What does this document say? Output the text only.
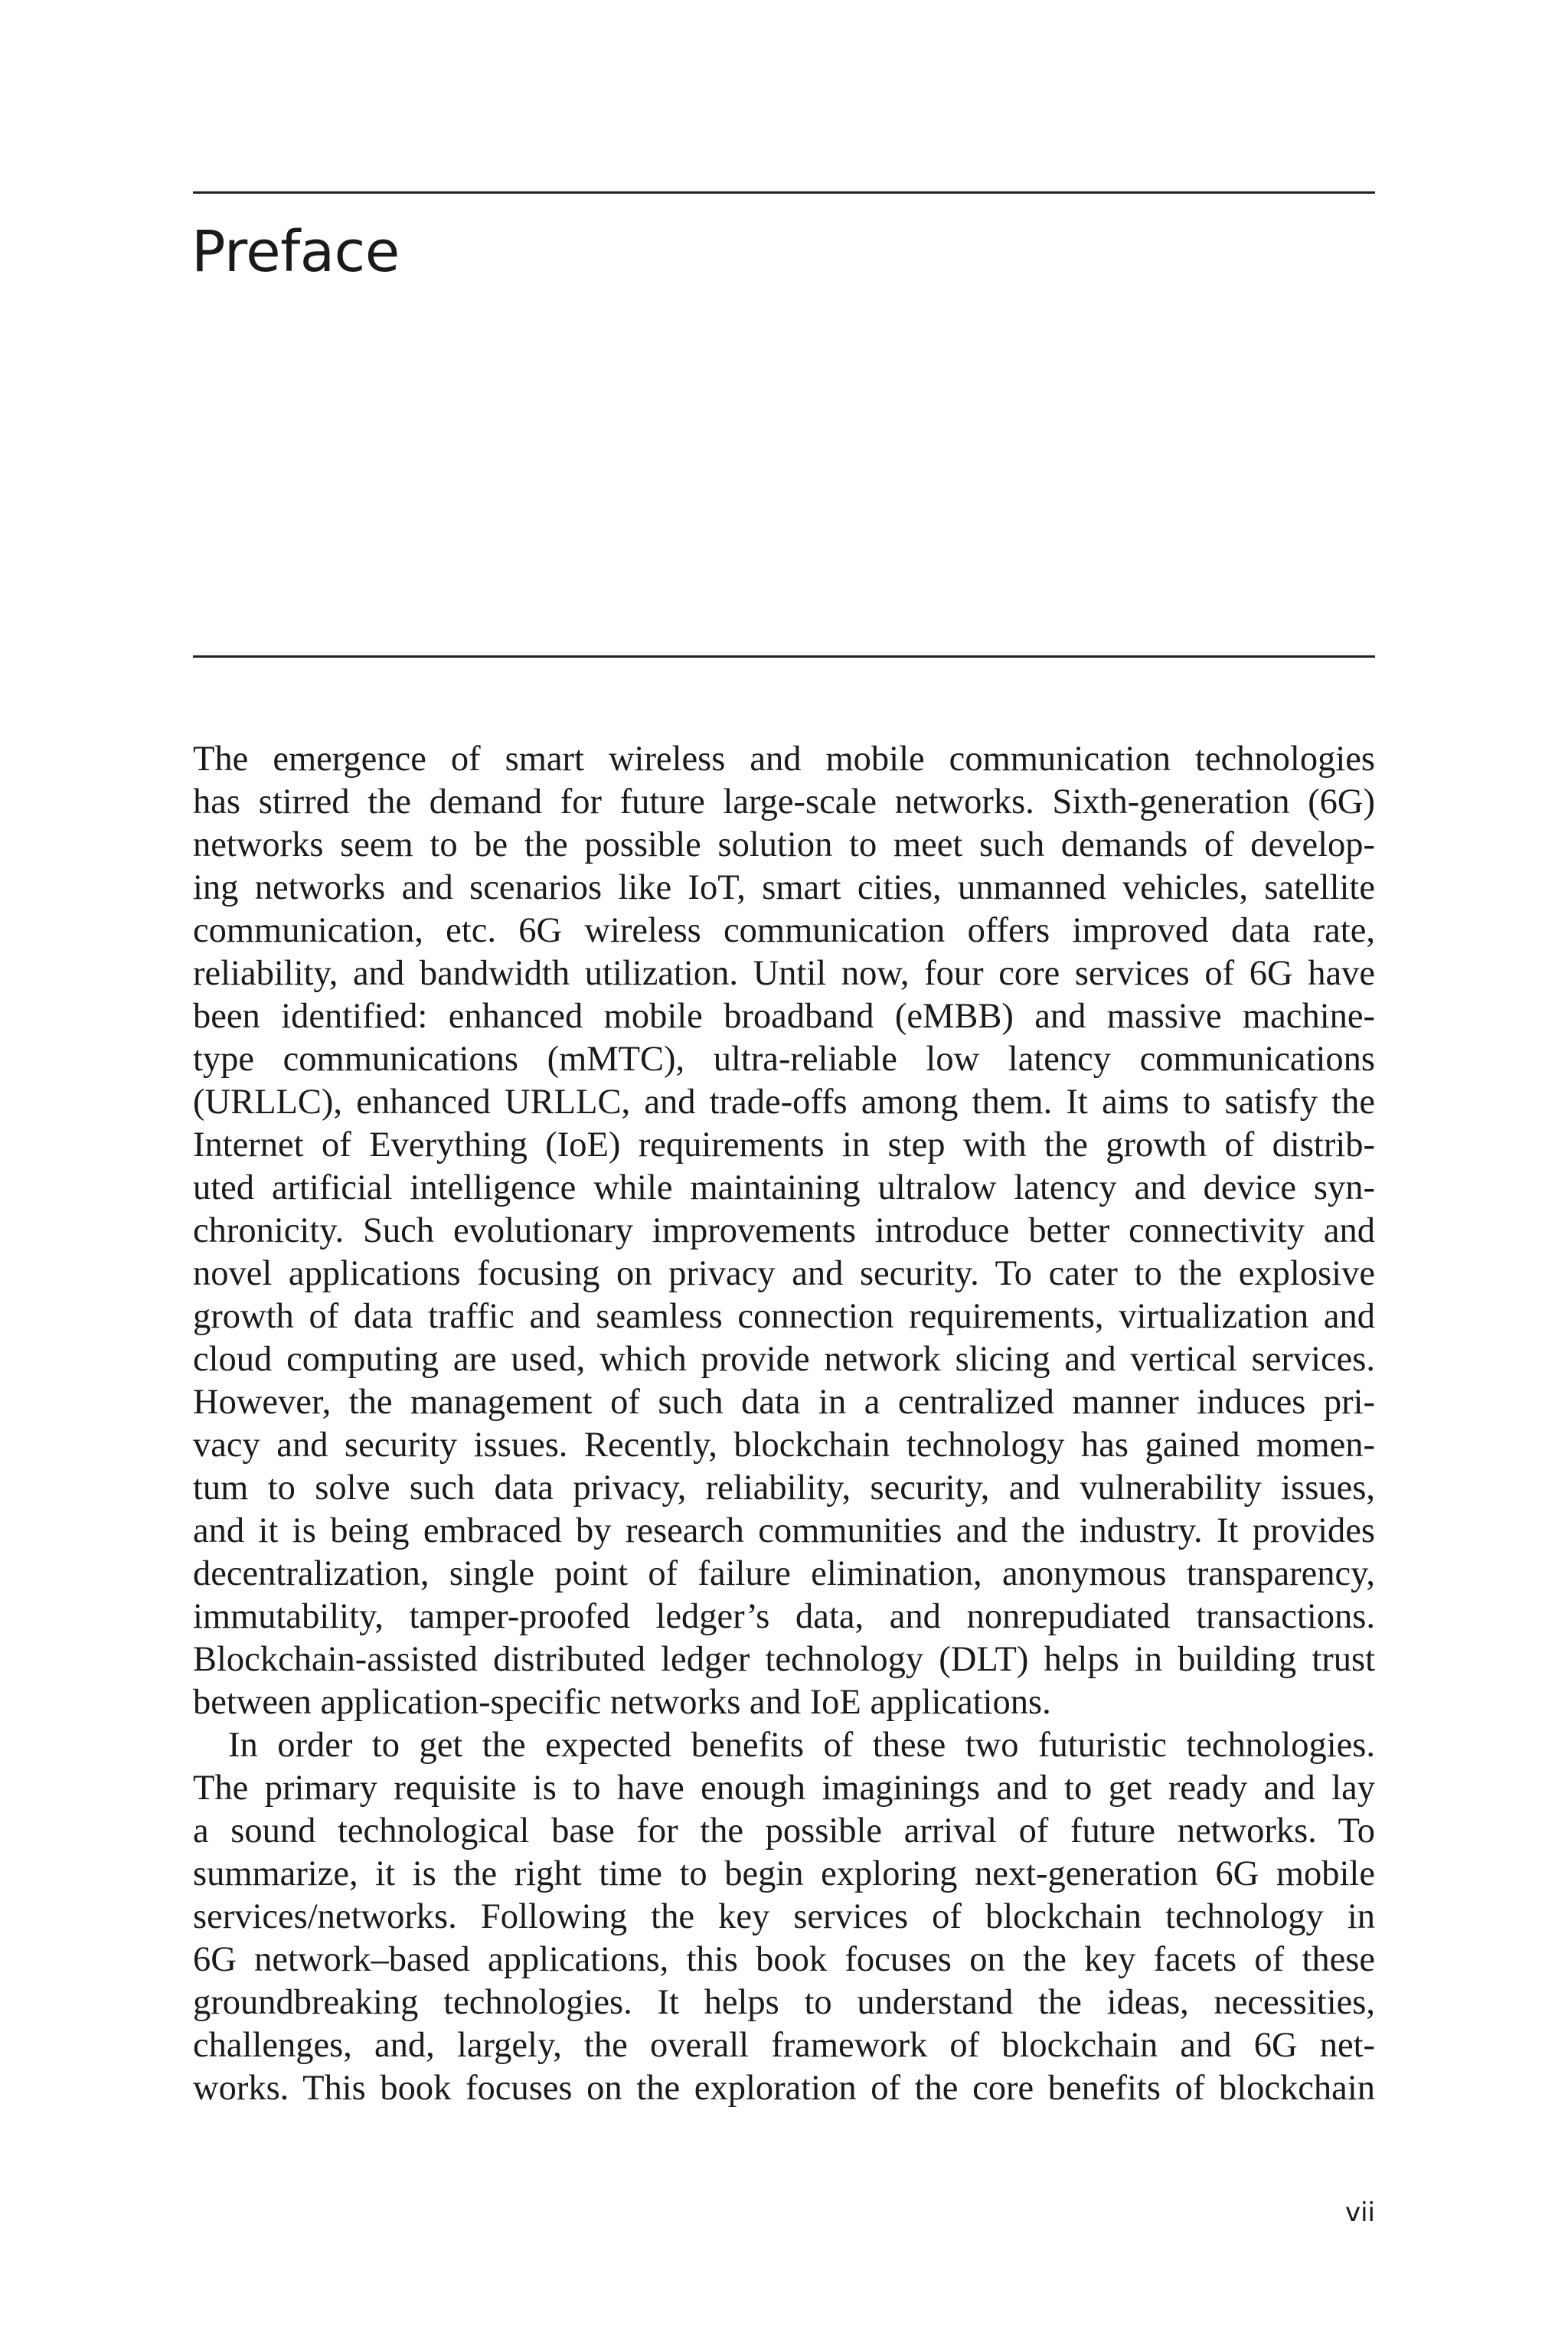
Preface
The emergence of smart wireless and mobile communication technologies
has stirred the demand for future large-scale networks. Sixth-generation (6G)
networks seem to be the possible solution to meet such demands of develop-
ing networks and scenarios like IoT, smart cities, unmanned vehicles, satellite
communication, etc. 6G wireless communication offers improved data rate,
reliability, and bandwidth utilization. Until now, four core services of 6G have
been identified: enhanced mobile broadband (eMBB) and massive machine-
type communications (mMTC), ultra-reliable low latency communications
(URLLC), enhanced URLLC, and trade-offs among them. It aims to satisfy the
Internet of Everything (IoE) requirements in step with the growth of distrib-
uted artificial intelligence while maintaining ultralow latency and device syn-
chronicity. Such evolutionary improvements introduce better connectivity and
novel applications focusing on privacy and security. To cater to the explosive
growth of data traffic and seamless connection requirements, virtualization and
cloud computing are used, which provide network slicing and vertical services.
However, the management of such data in a centralized manner induces pri-
vacy and security issues. Recently, blockchain technology has gained momen-
tum to solve such data privacy, reliability, security, and vulnerability issues,
and it is being embraced by research communities and the industry. It provides
decentralization, single point of failure elimination, anonymous transparency,
immutability, tamper-proofed ledger’s data, and nonrepudiated transactions.
Blockchain-assisted distributed ledger technology (DLT) helps in building trust
between application-specific networks and IoE applications.
In order to get the expected benefits of these two futuristic technologies.
The primary requisite is to have enough imaginings and to get ready and lay
a sound technological base for the possible arrival of future networks. To
summarize, it is the right time to begin exploring next-generation 6G mobile
services/networks. Following the key services of blockchain technology in
6G network–based applications, this book focuses on the key facets of these
groundbreaking technologies. It helps to understand the ideas, necessities,
challenges, and, largely, the overall framework of blockchain and 6G net-
works. This book focuses on the exploration of the core benefits of blockchain
vii
